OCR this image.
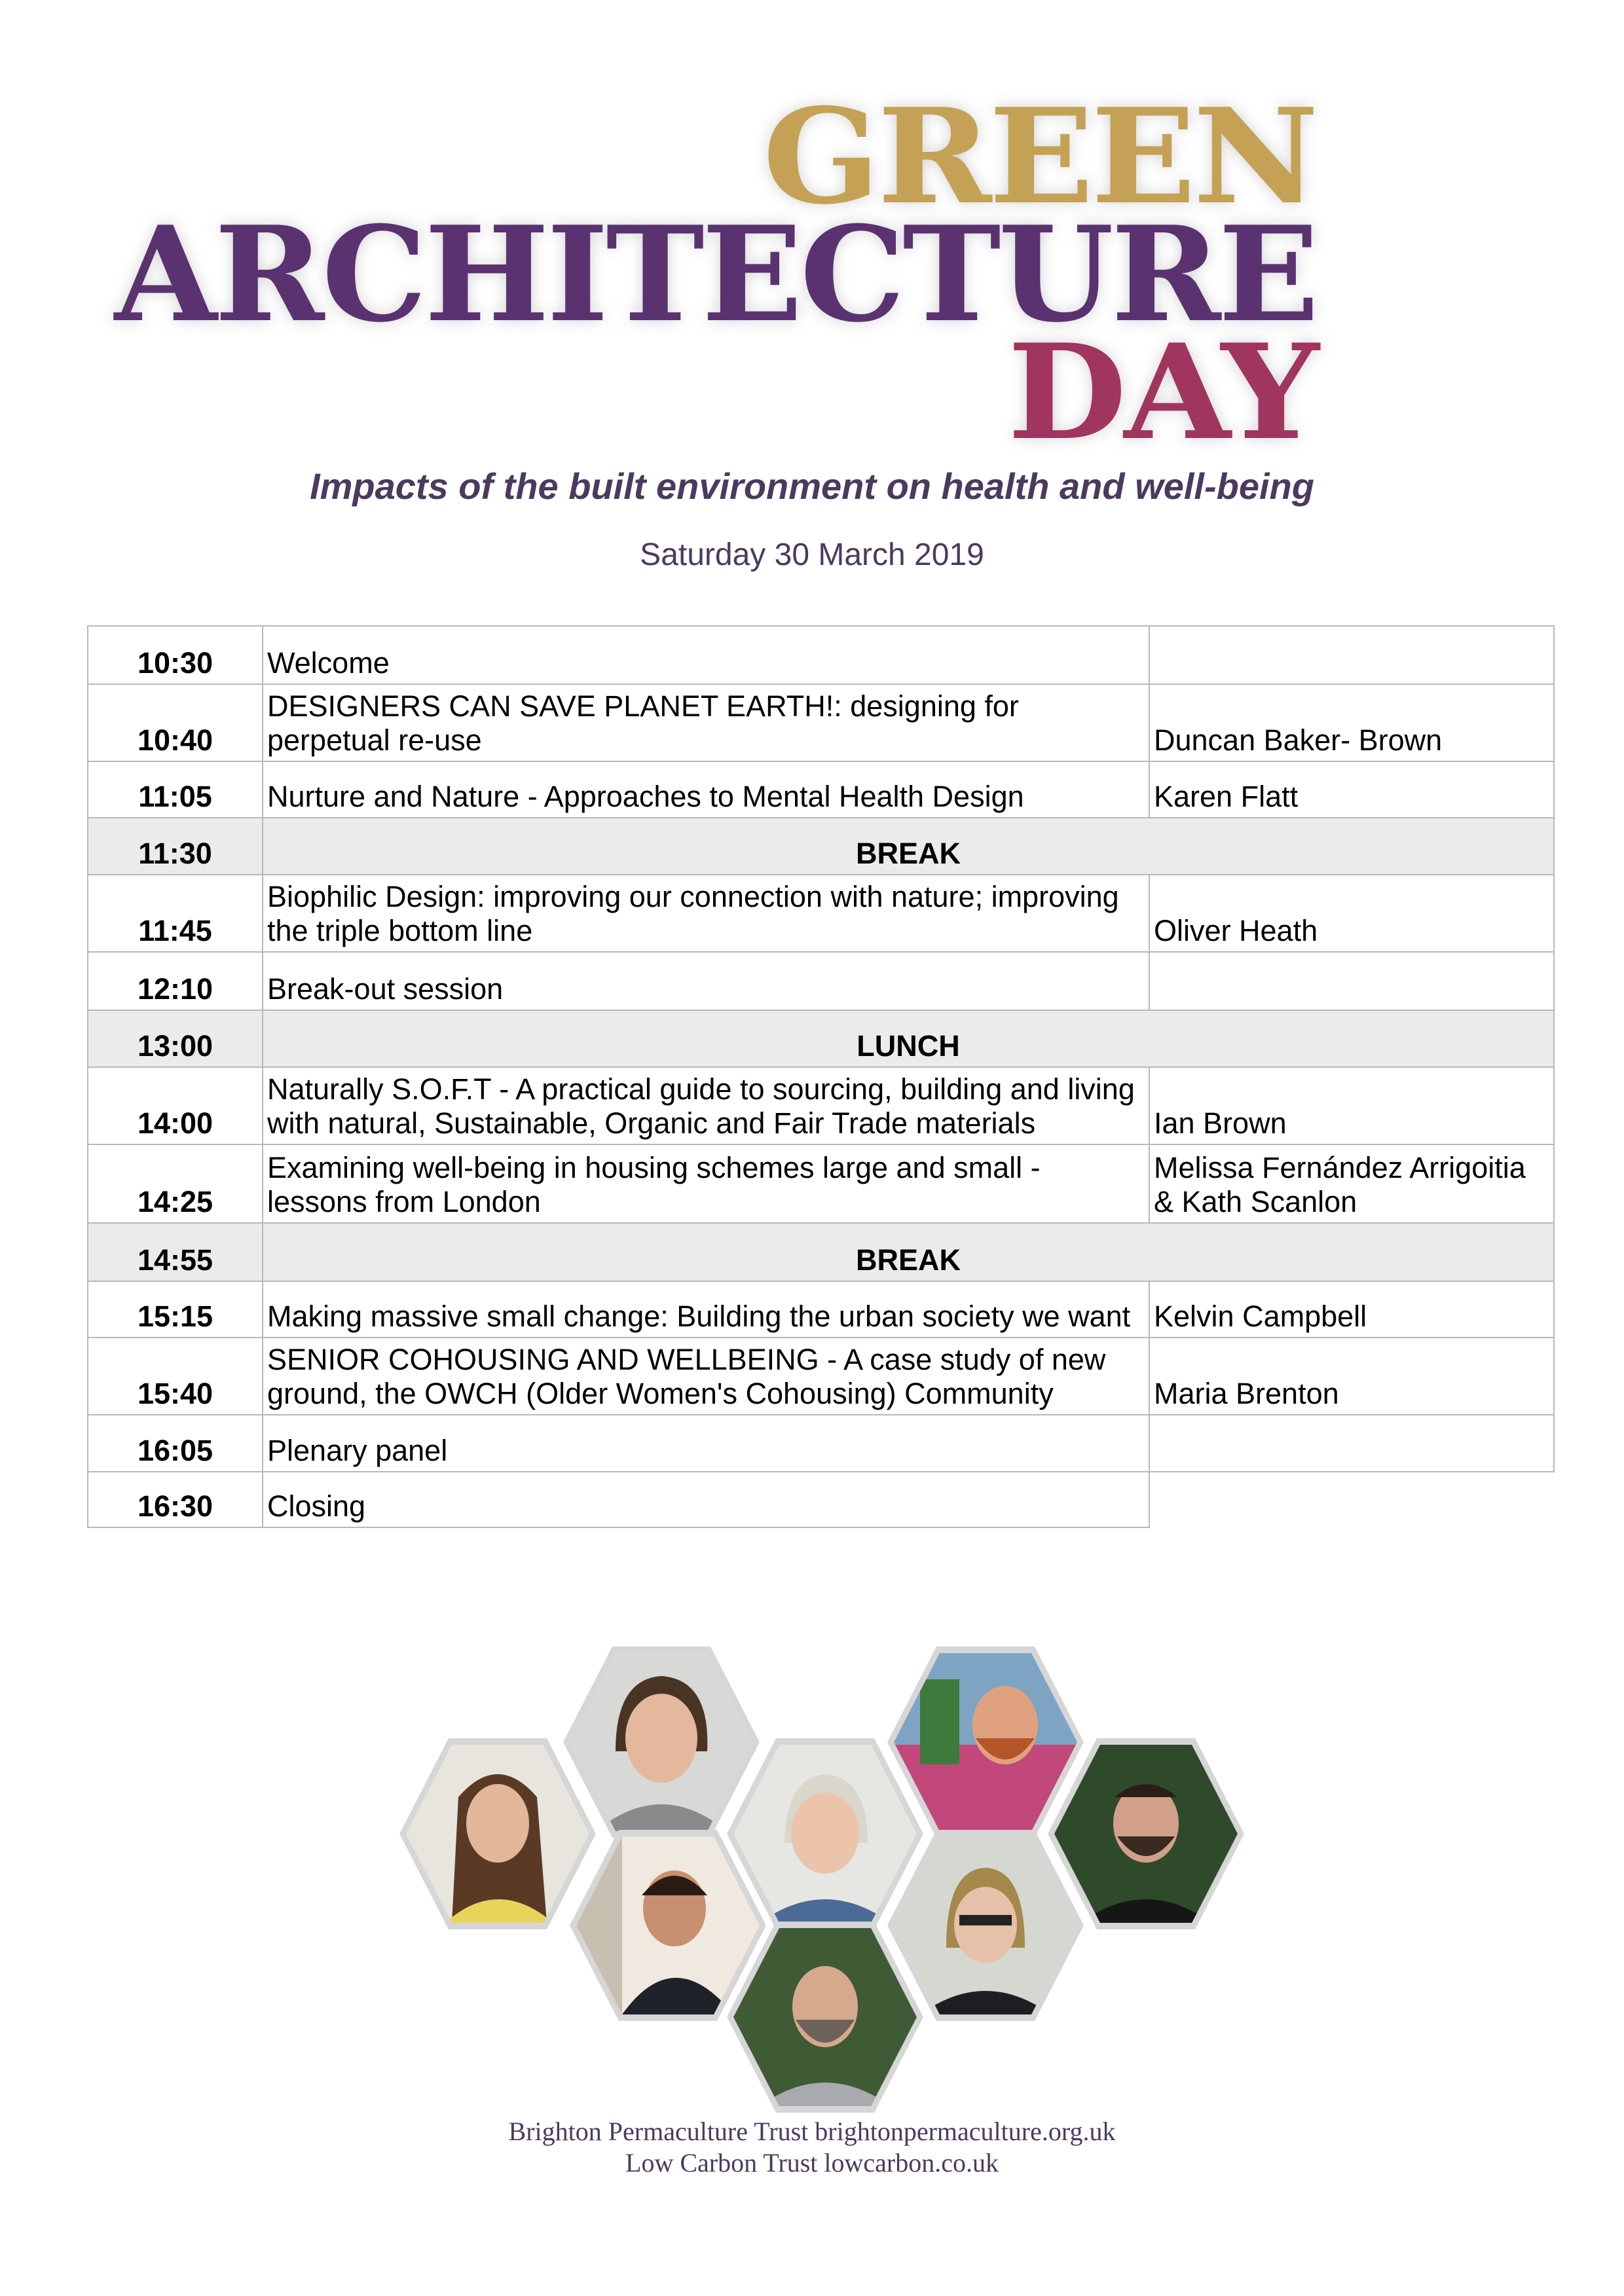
GREEN
ARCHITECTURE
DAY
Impacts of the built environment on health and well-being
Saturday 30 March 2019
10:30	Welcome	
10:40	DESIGNERS CAN SAVE PLANET EARTH!: designing for perpetual re-use	Duncan Baker- Brown
11:05	Nurture and Nature - Approaches to Mental Health Design	Karen Flatt
11:30	BREAK	
11:45	Biophilic Design: improving our connection with nature; improving the triple bottom line	Oliver Heath
12:10	Break-out session	
13:00	LUNCH	
14:00	Naturally S.O.F.T - A practical guide to sourcing, building and living with natural, Sustainable, Organic and Fair Trade materials	Ian Brown
14:25	Examining well-being in housing schemes large and small - lessons from London	Melissa Fernández Arrigoitia & Kath Scanlon
14:55	BREAK	
15:15	Making massive small change: Building the urban society we want	Kelvin Campbell
15:40	SENIOR COHOUSING AND WELLBEING - A case study of new ground, the OWCH (Older Women's Cohousing) Community	Maria Brenton
16:05	Plenary panel	
16:30	Closing	
Brighton Permaculture Trust brightonpermaculture.org.uk
Low Carbon Trust lowcarbon.co.uk
